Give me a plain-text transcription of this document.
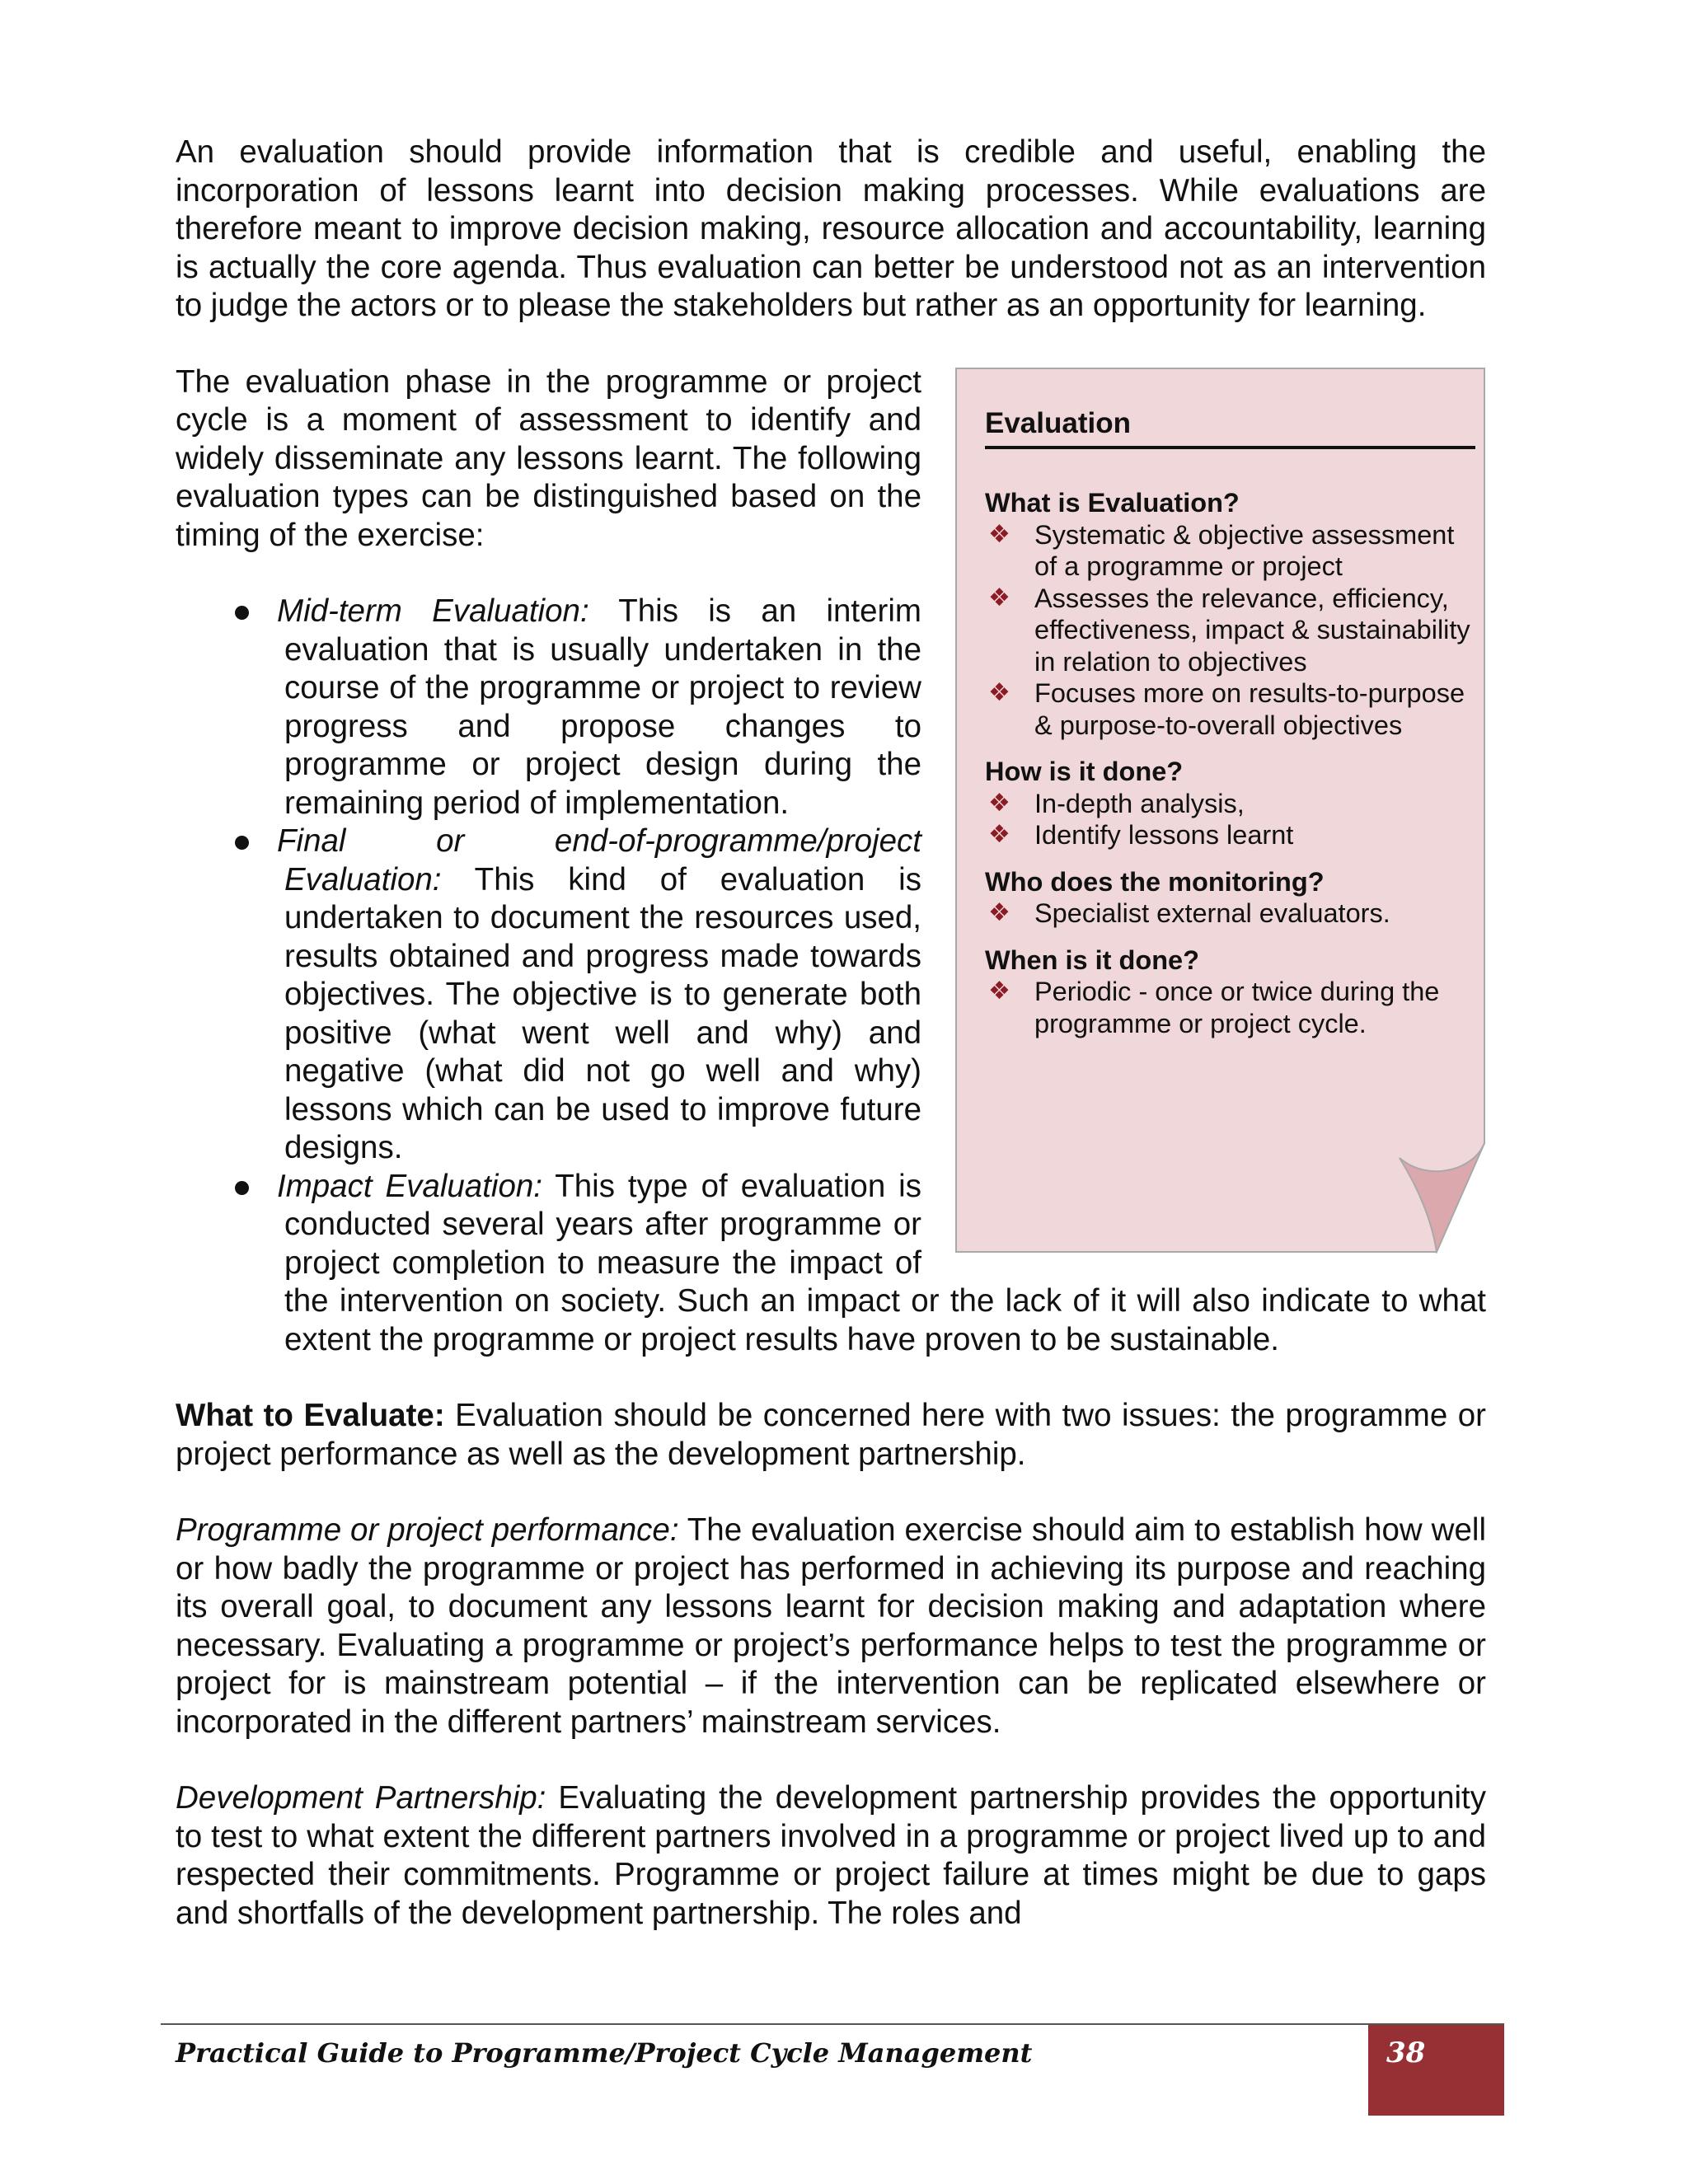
An evaluation should provide information that is credible and useful, enabling the incorporation of lessons learnt into decision making processes. While evaluations are therefore meant to improve decision making, resource allocation and accountability, learning is actually the core agenda. Thus evaluation can better be understood not as an intervention to judge the actors or to please the stakeholders but rather as an opportunity for learning.

Evaluation

What is Evaluation?

❖ Systematic & objective assessment of a programme or project
❖ Assesses the relevance, efficiency, effectiveness, impact & sustainability in relation to objectives
❖ Focuses more on results-to-purpose & purpose-to-overall objectives

How is it done?

❖ In-depth analysis,
❖ Identify lessons learnt

Who does the monitoring?

❖ Specialist external evaluators.

When is it done?

❖ Periodic - once or twice during the programme or project cycle.

The evaluation phase in the programme or project cycle is a moment of assessment to identify and widely disseminate any lessons learnt. The following evaluation types can be distinguished based on the timing of the exercise:

Mid-term Evaluation: This is an interim evaluation that is usually undertaken in the course of the programme or project to review progress and propose changes to programme or project design during the remaining period of implementation.
Final or end-of-programme/project Evaluation: This kind of evaluation is undertaken to document the resources used, results obtained and progress made towards objectives. The objective is to generate both positive (what went well and why) and negative (what did not go well and why) lessons which can be used to improve future designs.
Impact Evaluation: This type of evaluation is conducted several years after programme or project completion to measure the impact of the intervention on society. Such an impact or the lack of it will also indicate to what extent the programme or project results have proven to be sustainable.

What to Evaluate: Evaluation should be concerned here with two issues: the programme or project performance as well as the development partnership.

Programme or project performance: The evaluation exercise should aim to establish how well or how badly the programme or project has performed in achieving its purpose and reaching its overall goal, to document any lessons learnt for decision making and adaptation where necessary. Evaluating a programme or project’s performance helps to test the programme or project for is mainstream potential – if the intervention can be replicated elsewhere or incorporated in the different partners’ mainstream services.

Development Partnership: Evaluating the development partnership provides the opportunity to test to what extent the different partners involved in a programme or project lived up to and respected their commitments. Programme or project failure at times might be due to gaps and shortfalls of the development partnership. The roles and

Practical Guide to Programme/Project Cycle Management	38
